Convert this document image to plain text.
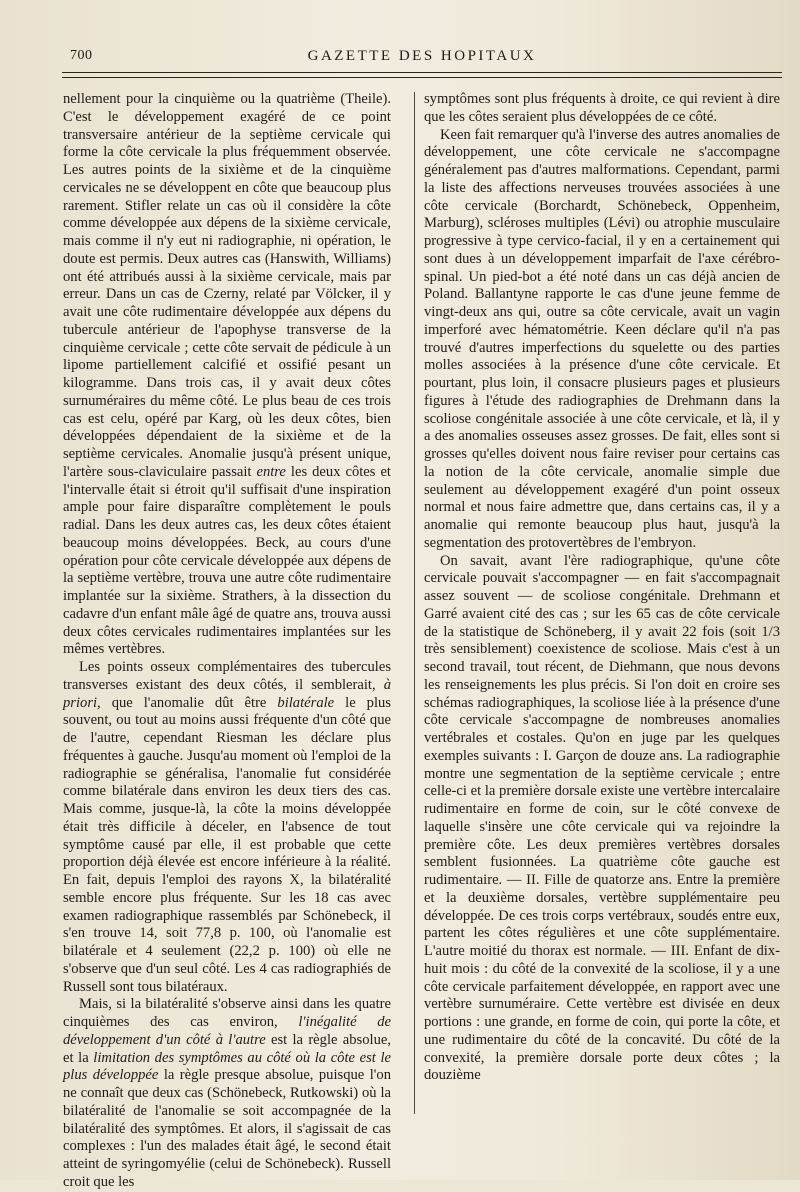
700	GAZETTE DES HOPITAUX

nellement pour la cinquième ou la quatrième (Theile). C'est le développement exagéré de ce point transversaire antérieur de la septième cervicale qui forme la côte cervicale la plus fréquemment observée. Les autres points de la sixième et de la cinquième cervicales ne se développent en côte que beaucoup plus rarement. Stifler relate un cas où il considère la côte comme développée aux dépens de la sixième cervicale, mais comme il n'y eut ni radiographie, ni opération, le doute est permis. Deux autres cas (Hanswith, Williams) ont été attribués aussi à la sixième cervicale, mais par erreur. Dans un cas de Czerny, relaté par Völcker, il y avait une côte rudimentaire développée aux dépens du tubercule antérieur de l'apophyse transverse de la cinquième cervicale ; cette côte servait de pédicule à un lipome partiellement calcifié et ossifié pesant un kilogramme. Dans trois cas, il y avait deux côtes surnuméraires du même côté. Le plus beau de ces trois cas est celu, opéré par Karg, où les deux côtes, bien développées dépendaient de la sixième et de la septième cervicales. Anomalie jusqu'à présent unique, l'artère sous-claviculaire passait entre les deux côtes et l'intervalle était si étroit qu'il suffisait d'une inspiration ample pour faire disparaître complètement le pouls radial. Dans les deux autres cas, les deux côtes étaient beaucoup moins développées. Beck, au cours d'une opération pour côte cervicale développée aux dépens de la septième vertèbre, trouva une autre côte rudimentaire implantée sur la sixième. Strathers, à la dissection du cadavre d'un enfant mâle âgé de quatre ans, trouva aussi deux côtes cervicales rudimentaires implantées sur les mêmes vertèbres.

Les points osseux complémentaires des tubercules transverses existant des deux côtés, il semblerait, à priori, que l'anomalie dût être bilatérale le plus souvent, ou tout au moins aussi fréquente d'un côté que de l'autre, cependant Riesman les déclare plus fréquentes à gauche. Jusqu'au moment où l'emploi de la radiographie se généralisa, l'anomalie fut considérée comme bilatérale dans environ les deux tiers des cas. Mais comme, jusque-là, la côte la moins développée était très difficile à déceler, en l'absence de tout symptôme causé par elle, il est probable que cette proportion déjà élevée est encore inférieure à la réalité. En fait, depuis l'emploi des rayons X, la bilatéralité semble encore plus fréquente. Sur les 18 cas avec examen radiographique rassemblés par Schönebeck, il s'en trouve 14, soit 77,8 p. 100, où l'anomalie est bilatérale et 4 seulement (22,2 p. 100) où elle ne s'observe que d'un seul côté. Les 4 cas radiographiés de Russell sont tous bilatéraux.

Mais, si la bilatéralité s'observe ainsi dans les quatre cinquièmes des cas environ, l'inégalité de développement d'un côté à l'autre est la règle absolue, et la limitation des symptômes au côté où la côte est le plus développée la règle presque absolue, puisque l'on ne connaît que deux cas (Schönebeck, Rutkowski) où la bilatéralité de l'anomalie se soit accompagnée de la bilatéralité des symptômes. Et alors, il s'agissait de cas complexes : l'un des malades était âgé, le second était atteint de syringomyélie (celui de Schönebeck). Russell croit que les

symptômes sont plus fréquents à droite, ce qui revient à dire que les côtes seraient plus développées de ce côté.

Keen fait remarquer qu'à l'inverse des autres anomalies de développement, une côte cervicale ne s'accompagne généralement pas d'autres malformations. Cependant, parmi la liste des affections nerveuses trouvées associées à une côte cervicale (Borchardt, Schönebeck, Oppenheim, Marburg), scléroses multiples (Lévi) ou atrophie musculaire progressive à type cervico-facial, il y en a certainement qui sont dues à un développement imparfait de l'axe cérébro-spinal. Un pied-bot a été noté dans un cas déjà ancien de Poland. Ballantyne rapporte le cas d'une jeune femme de vingt-deux ans qui, outre sa côte cervicale, avait un vagin imperforé avec hématométrie. Keen déclare qu'il n'a pas trouvé d'autres imperfections du squelette ou des parties molles associées à la présence d'une côte cervicale. Et pourtant, plus loin, il consacre plusieurs pages et plusieurs figures à l'étude des radiographies de Drehmann dans la scoliose congénitale associée à une côte cervicale, et là, il y a des anomalies osseuses assez grosses. De fait, elles sont si grosses qu'elles doivent nous faire reviser pour certains cas la notion de la côte cervicale, anomalie simple due seulement au développement exagéré d'un point osseux normal et nous faire admettre que, dans certains cas, il y a anomalie qui remonte beaucoup plus haut, jusqu'à la segmentation des protovertèbres de l'embryon.

On savait, avant l'ère radiographique, qu'une côte cervicale pouvait s'accompagner — en fait s'accompagnait assez souvent — de scoliose congénitale. Drehmann et Garré avaient cité des cas ; sur les 65 cas de côte cervicale de la statistique de Schöneberg, il y avait 22 fois (soit 1/3 très sensiblement) coexistence de scoliose. Mais c'est à un second travail, tout récent, de Diehmann, que nous devons les renseignements les plus précis. Si l'on doit en croire ses schémas radiographiques, la scoliose liée à la présence d'une côte cervicale s'accompagne de nombreuses anomalies vertébrales et costales. Qu'on en juge par les quelques exemples suivants : I. Garçon de douze ans. La radiographie montre une segmentation de la septième cervicale ; entre celle-ci et la première dorsale existe une vertèbre intercalaire rudimentaire en forme de coin, sur le côté convexe de laquelle s'insère une côte cervicale qui va rejoindre la première côte. Les deux premières vertèbres dorsales semblent fusionnées. La quatrième côte gauche est rudimentaire. — II. Fille de quatorze ans. Entre la première et la deuxième dorsales, vertèbre supplémentaire peu développée. De ces trois corps vertébraux, soudés entre eux, partent les côtes régulières et une côte supplémentaire. L'autre moitié du thorax est normale. — III. Enfant de dix-huit mois : du côté de la convexité de la scoliose, il y a une côte cervicale parfaitement développée, en rapport avec une vertèbre surnuméraire. Cette vertèbre est divisée en deux portions : une grande, en forme de coin, qui porte la côte, et une rudimentaire du côté de la concavité. Du côté de la convexité, la première dorsale porte deux côtes ; la douzième
